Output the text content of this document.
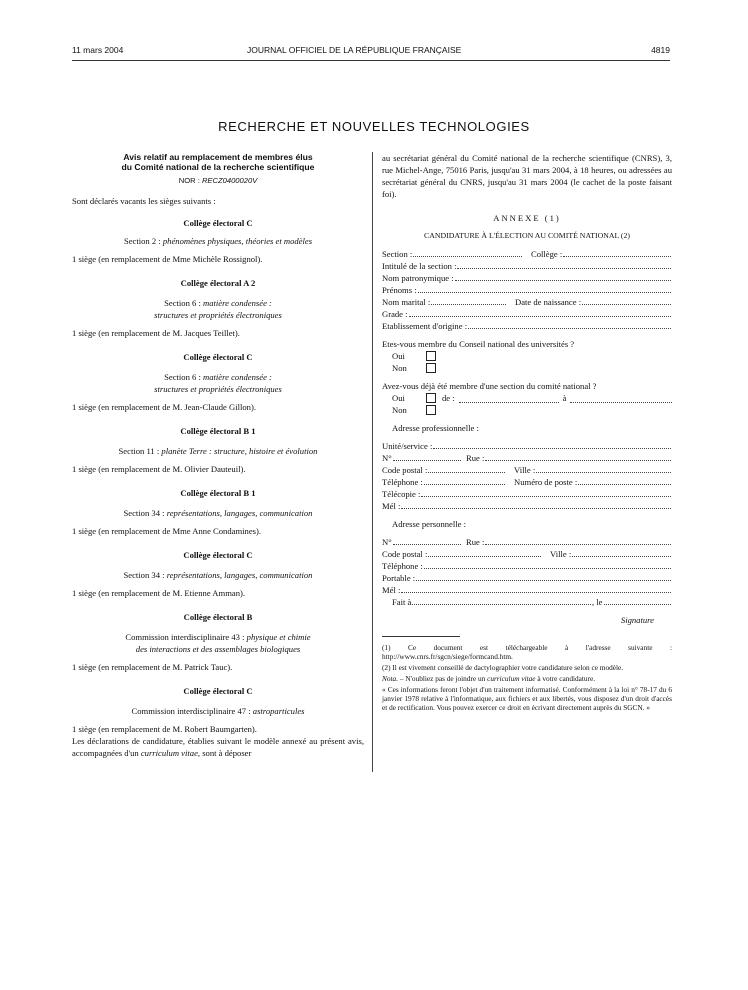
11 mars 2004	JOURNAL OFFICIEL DE LA RÉPUBLIQUE FRANÇAISE	4819
RECHERCHE ET NOUVELLES TECHNOLOGIES
Avis relatif au remplacement de membres élus
du Comité national de la recherche scientifique
NOR : RECZ0400020V
Sont déclarés vacants les sièges suivants :
Collège électoral C
Section 2 : phénomènes physiques, théories et modèles
1 siège (en remplacement de Mme Michèle Rossignol).
Collège électoral A 2
Section 6 : matière condensée :
structures et propriétés électroniques
1 siège (en remplacement de M. Jacques Teillet).
Collège électoral C
Section 6 : matière condensée :
structures et propriétés électroniques
1 siège (en remplacement de M. Jean-Claude Gillon).
Collège électoral B 1
Section 11 : planète Terre : structure, histoire et évolution
1 siège (en remplacement de M. Olivier Dauteuil).
Collège électoral B 1
Section 34 : représentations, langages, communication
1 siège (en remplacement de Mme Anne Condamines).
Collège électoral C
Section 34 : représentations, langages, communication
1 siège (en remplacement de M. Etienne Amman).
Collège électoral B
Commission interdisciplinaire 43 : physique et chimie
des interactions et des assemblages biologiques
1 siège (en remplacement de M. Patrick Tauc).
Collège électoral C
Commission interdisciplinaire 47 : astroparticules
1 siège (en remplacement de M. Robert Baumgarten).
Les déclarations de candidature, établies suivant le modèle annexé au présent avis, accompagnées d'un curriculum vitae, sont à déposer
au secrétariat général du Comité national de la recherche scientifique (CNRS), 3, rue Michel-Ange, 75016 Paris, jusqu'au 31 mars 2004, à 18 heures, ou adressées au secrétariat général du CNRS, jusqu'au 31 mars 2004 (le cachet de la poste faisant foi).
ANNEXE (1)
CANDIDATURE À L'ÉLECTION AU COMITÉ NATIONAL (2)
Section :	Collège :
Intitulé de la section :
Nom patronymique :
Prénoms :
Nom marital :	Date de naissance :
Grade :
Etablissement d'origine :
Etes-vous membre du Conseil national des universités ?
Oui
Non
Avez-vous déjà été membre d'une section du comité national ?
Oui	de :	à
Non
Adresse professionnelle :
Unité/service :
N°	Rue :
Code postal :	Ville :
Téléphone :	Numéro de poste :
Télécopie :
Mél :
Adresse personnelle :
N°	Rue :
Code postal :	Ville :
Téléphone :
Portable :
Mél :
Fait à	, le
Signature

(1) Ce document est téléchargeable à l'adresse suivante : http://www.cnrs.fr/sgcn/siege/formcand.htm.

(2) Il est vivement conseillé de dactylographier votre candidature selon ce modèle.

Nota. – N'oubliez pas de joindre un curriculum vitae à votre candidature.

« Ces informations feront l'objet d'un traitement informatisé. Conformément à la loi n° 78-17 du 6 janvier 1978 relative à l'informatique, aux fichiers et aux libertés, vous disposez d'un droit d'accès et de rectification. Vous pouvez exercer ce droit en écrivant directement auprès du SGCN. »
